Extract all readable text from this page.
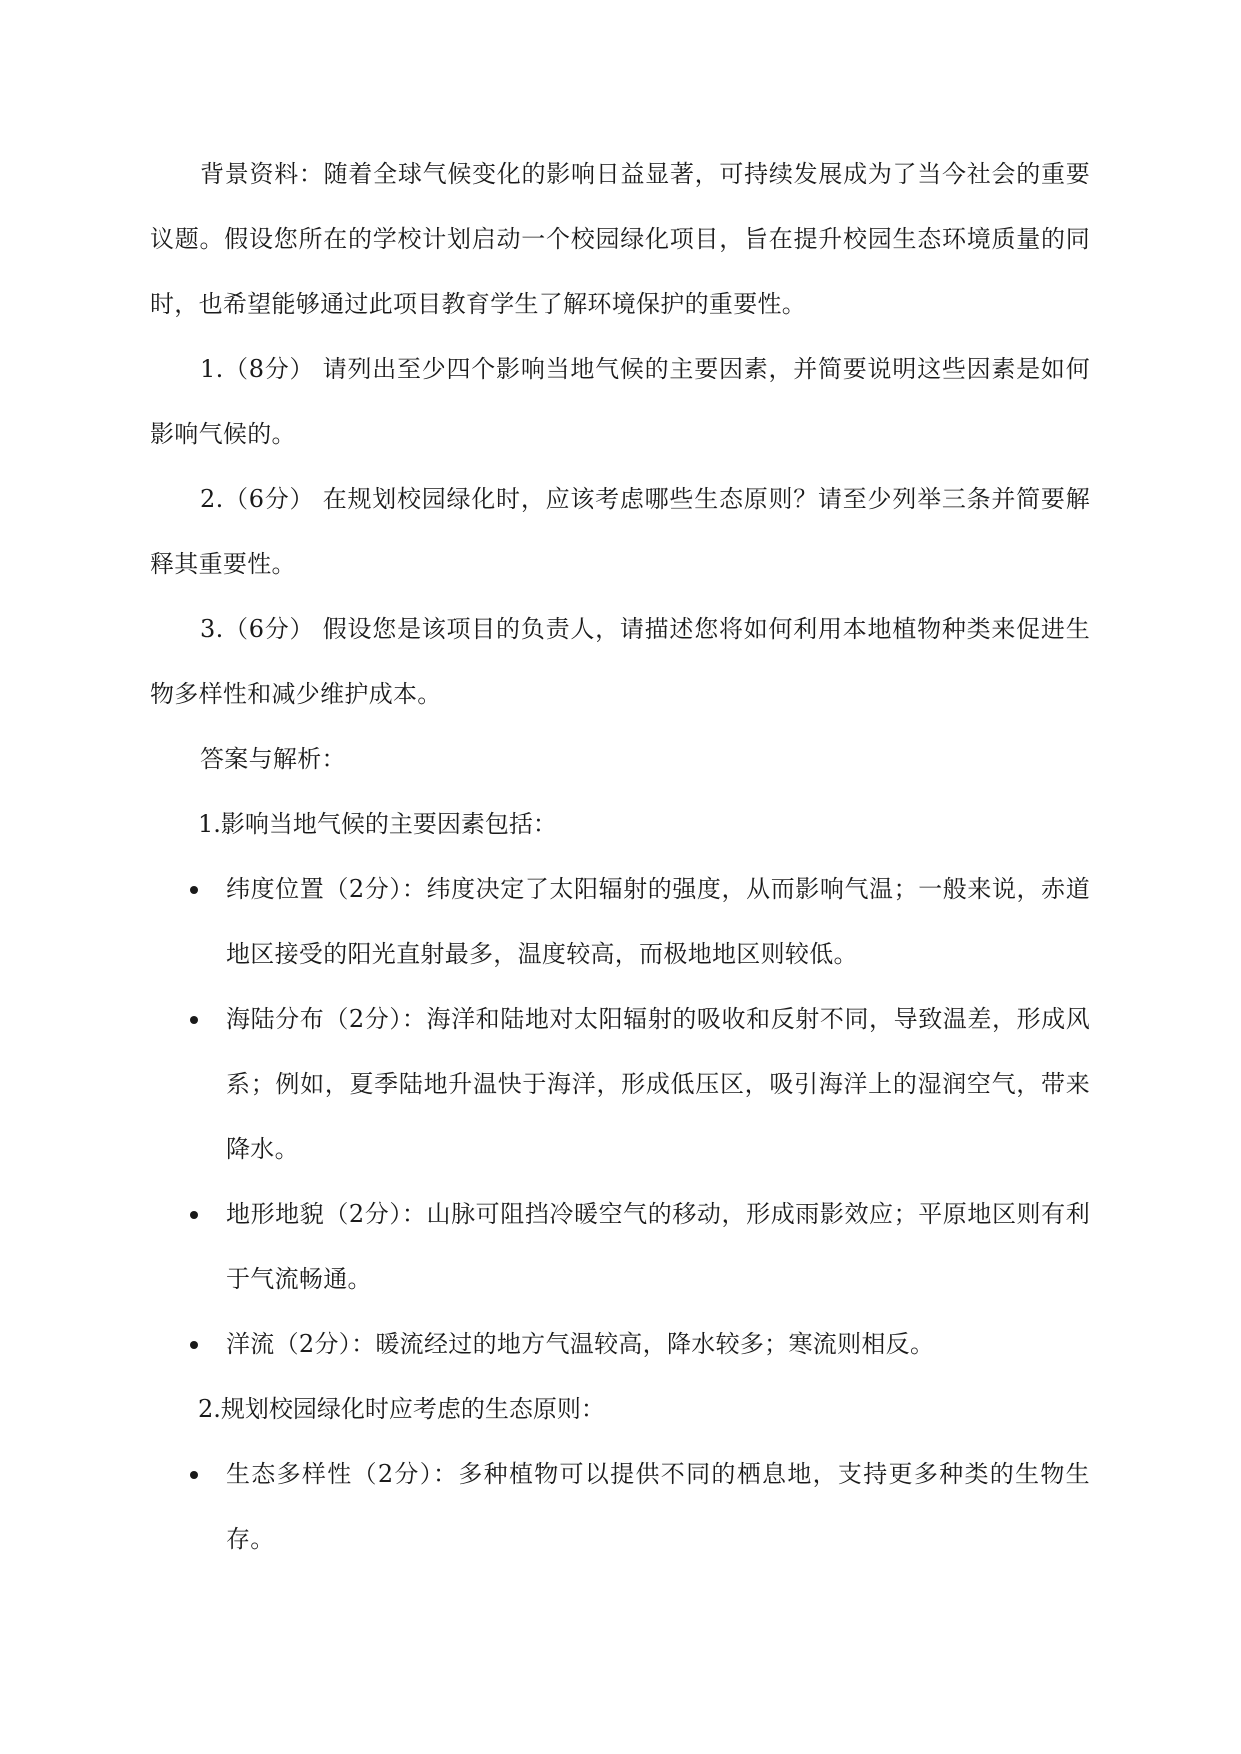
背景资料：随着全球气候变化的影响日益显著，可持续发展成为了当今社会的重要议题。假设您所在的学校计划启动一个校园绿化项目，旨在提升校园生态环境质量的同时，也希望能够通过此项目教育学生了解环境保护的重要性。

1.（8分） 请列出至少四个影响当地气候的主要因素，并简要说明这些因素是如何影响气候的。

2.（6分） 在规划校园绿化时，应该考虑哪些生态原则？请至少列举三条并简要解释其重要性。

3.（6分） 假设您是该项目的负责人，请描述您将如何利用本地植物种类来促进生物多样性和减少维护成本。

答案与解析：

1.影响当地气候的主要因素包括：

纬度位置（2分）：纬度决定了太阳辐射的强度，从而影响气温；一般来说，赤道地区接受的阳光直射最多，温度较高，而极地地区则较低。
海陆分布（2分）：海洋和陆地对太阳辐射的吸收和反射不同，导致温差，形成风系；例如，夏季陆地升温快于海洋，形成低压区，吸引海洋上的湿润空气，带来降水。
地形地貌（2分）：山脉可阻挡冷暖空气的移动，形成雨影效应；平原地区则有利于气流畅通。
洋流（2分）：暖流经过的地方气温较高，降水较多；寒流则相反。

2.规划校园绿化时应考虑的生态原则：

生态多样性（2分）：多种植物可以提供不同的栖息地，支持更多种类的生物生存。
